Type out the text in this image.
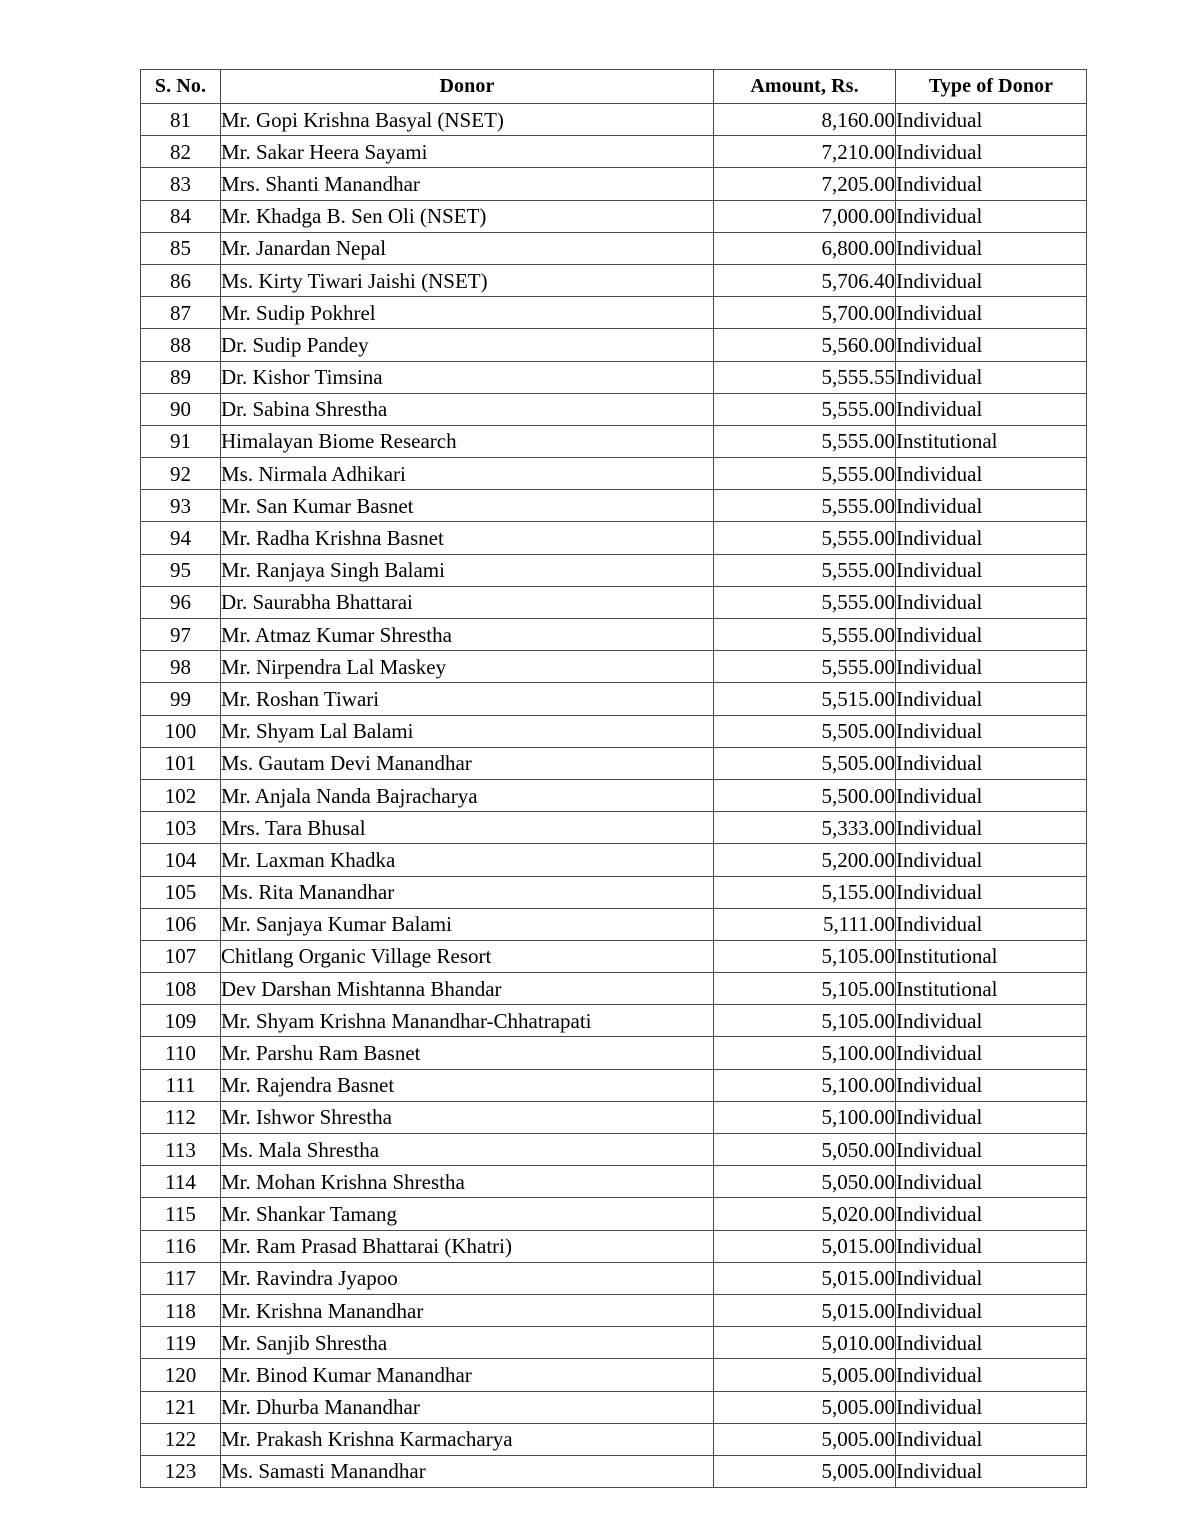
S. No.	Donor	Amount, Rs.	Type of Donor
81	Mr. Gopi Krishna Basyal (NSET)	8,160.00	Individual
82	Mr. Sakar Heera Sayami	7,210.00	Individual
83	Mrs. Shanti Manandhar	7,205.00	Individual
84	Mr. Khadga B. Sen Oli (NSET)	7,000.00	Individual
85	Mr. Janardan Nepal	6,800.00	Individual
86	Ms. Kirty Tiwari Jaishi (NSET)	5,706.40	Individual
87	Mr. Sudip Pokhrel	5,700.00	Individual
88	Dr. Sudip Pandey	5,560.00	Individual
89	Dr. Kishor Timsina	5,555.55	Individual
90	Dr. Sabina Shrestha	5,555.00	Individual
91	Himalayan Biome Research	5,555.00	Institutional
92	Ms. Nirmala Adhikari	5,555.00	Individual
93	Mr. San Kumar Basnet	5,555.00	Individual
94	Mr. Radha Krishna Basnet	5,555.00	Individual
95	Mr. Ranjaya Singh Balami	5,555.00	Individual
96	Dr. Saurabha Bhattarai	5,555.00	Individual
97	Mr. Atmaz Kumar Shrestha	5,555.00	Individual
98	Mr. Nirpendra Lal Maskey	5,555.00	Individual
99	Mr. Roshan Tiwari	5,515.00	Individual
100	Mr. Shyam Lal Balami	5,505.00	Individual
101	Ms. Gautam Devi Manandhar	5,505.00	Individual
102	Mr. Anjala Nanda Bajracharya	5,500.00	Individual
103	Mrs. Tara Bhusal	5,333.00	Individual
104	Mr. Laxman Khadka	5,200.00	Individual
105	Ms. Rita Manandhar	5,155.00	Individual
106	Mr. Sanjaya Kumar Balami	5,111.00	Individual
107	Chitlang Organic Village Resort	5,105.00	Institutional
108	Dev Darshan Mishtanna Bhandar	5,105.00	Institutional
109	Mr. Shyam Krishna Manandhar-Chhatrapati	5,105.00	Individual
110	Mr. Parshu Ram Basnet	5,100.00	Individual
111	Mr. Rajendra Basnet	5,100.00	Individual
112	Mr. Ishwor Shrestha	5,100.00	Individual
113	Ms. Mala Shrestha	5,050.00	Individual
114	Mr. Mohan Krishna Shrestha	5,050.00	Individual
115	Mr. Shankar Tamang	5,020.00	Individual
116	Mr. Ram Prasad Bhattarai (Khatri)	5,015.00	Individual
117	Mr. Ravindra Jyapoo	5,015.00	Individual
118	Mr. Krishna Manandhar	5,015.00	Individual
119	Mr. Sanjib Shrestha	5,010.00	Individual
120	Mr. Binod Kumar Manandhar	5,005.00	Individual
121	Mr. Dhurba Manandhar	5,005.00	Individual
122	Mr. Prakash Krishna Karmacharya	5,005.00	Individual
123	Ms. Samasti Manandhar	5,005.00	Individual
